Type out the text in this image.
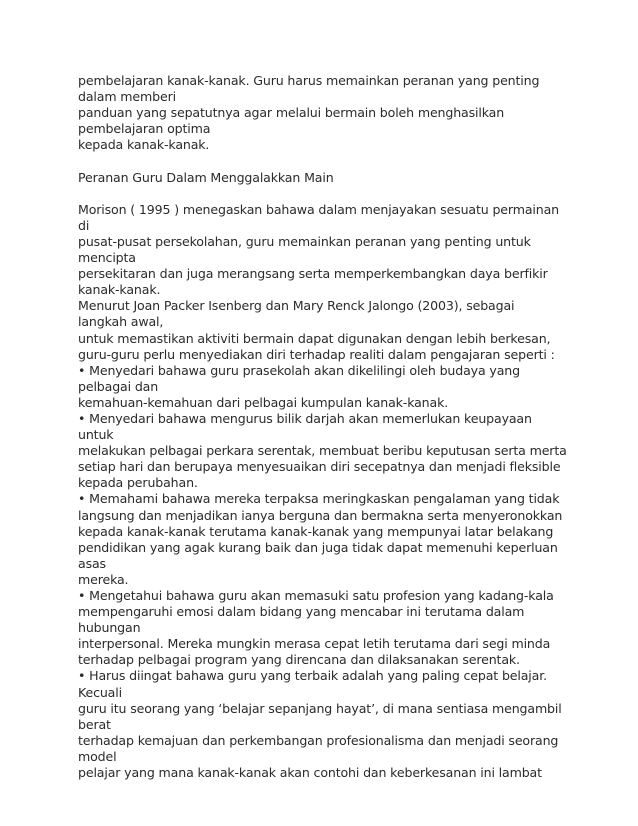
pembelajaran kanak-kanak. Guru harus memainkan peranan yang penting
dalam memberi
panduan yang sepatutnya agar melalui bermain boleh menghasilkan
pembelajaran optima
kepada kanak-kanak.
Peranan Guru Dalam Menggalakkan Main
Morison ( 1995 ) menegaskan bahawa dalam menjayakan sesuatu permainan
di
pusat-pusat persekolahan, guru memainkan peranan yang penting untuk
mencipta
persekitaran dan juga merangsang serta memperkembangkan daya berfikir
kanak-kanak.
Menurut Joan Packer Isenberg dan Mary Renck Jalongo (2003), sebagai
langkah awal,
untuk memastikan aktiviti bermain dapat digunakan dengan lebih berkesan,
guru-guru perlu menyediakan diri terhadap realiti dalam pengajaran seperti :
• Menyedari bahawa guru prasekolah akan dikelilingi oleh budaya yang
pelbagai dan
kemahuan-kemahuan dari pelbagai kumpulan kanak-kanak.
• Menyedari bahawa mengurus bilik darjah akan memerlukan keupayaan
untuk
melakukan pelbagai perkara serentak, membuat beribu keputusan serta merta
setiap hari dan berupaya menyesuaikan diri secepatnya dan menjadi fleksible
kepada perubahan.
• Memahami bahawa mereka terpaksa meringkaskan pengalaman yang tidak
langsung dan menjadikan ianya berguna dan bermakna serta menyeronokkan
kepada kanak-kanak terutama kanak-kanak yang mempunyai latar belakang
pendidikan yang agak kurang baik dan juga tidak dapat memenuhi keperluan
asas
mereka.
• Mengetahui bahawa guru akan memasuki satu profesion yang kadang-kala
mempengaruhi emosi dalam bidang yang mencabar ini terutama dalam
hubungan
interpersonal. Mereka mungkin merasa cepat letih terutama dari segi minda
terhadap pelbagai program yang direncana dan dilaksanakan serentak.
• Harus diingat bahawa guru yang terbaik adalah yang paling cepat belajar.
Kecuali
guru itu seorang yang ‘belajar sepanjang hayat’, di mana sentiasa mengambil
berat
terhadap kemajuan dan perkembangan profesionalisma dan menjadi seorang
model
pelajar yang mana kanak-kanak akan contohi dan keberkesanan ini lambat
